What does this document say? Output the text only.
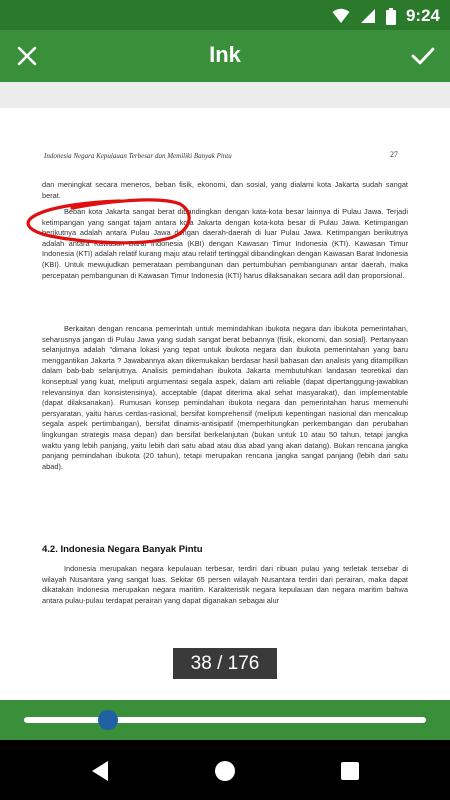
9:24
Ink
Indonesia Negara Kepulauan Terbesar dan Memiliki Banyak Pintu	27

dan meningkat secara meneros, beban fisik, ekonomi, dan sosial, yang dialami kota Jakarta sudah sangat berat.

Beban kota Jakarta sangat berat dibandingkan dengan kata-kota besar lainnya di Pulau Jawa. Terjadi ketimpangan yang sangat tajam antara kota Jakarta dengan kota-kota besar di Pulau Jawa. Ketimpangan berikutnya adalah antara Pulau Jawa dengan daerah-daerah di luar Pulau Jawa. Ketimpangan berikutnya adalah antara Kawasan Barat Indonesia (KBI) dengan Kawasan Timur Indonesia (KTI). Kawasan Timur Indonesia (KTI) adalah relatif kurang maju atau relatif tertinggal dibandingkan dengan Kawasan Barat Indonesia (KBI). Untuk mewujudkan pemerataan pembangunan dan pertumbuhan pembangunan antar daerah, maka percepatan pembangunan di Kawasan Timur Indonesia (KTI) harus dilaksanakan secara adil dan proporsional.

Berkaitan dengan rencana pemerintah untuk memindahkan ibukota negara dan ibukota pemerintahan, seharusnya jangan di Pulau Jawa yang sudah sangat berat bebannya (fisik, ekonomi, dan sosial). Pertanyaan selanjutnya adalah "dimana lokasi yang tepat untuk ibukota negara dan ibukota pemerintahan yang baru menggantikan Jakarta ? Jawabannya akan dikemukakan berdasar hasil bahasan dan analisis yang ditampilkan dalam bab-bab selanjutnya. Analisis pemindahan ibukota Jakarta membutuhkan landasan teoretikal dan konseptual yang kuat, meliputi argumentasi segala aspek, dalam arti reliable (dapat dipertanggung-jawabkan relevansinya dan konsistensinya), acceptable (dapat diterima akal sehat masyarakat), dan implementable (dapat dilaksanakan). Rumusan konsep pemindahan ibukota negara dan pemerintahan harus memenuhi persyaratan, yaitu harus cerdas-rasional, bersifat komprehensif (meliputi kepentingan nasional dan mencakup segala aspek pertimbangan), bersifat dinamis-antisipatif (memperhitungkan perkembangan dan perubahan lingkungan strategis masa depan) dan bersifat berkelanjutan (bukan untuk 10 atau 50 tahun, tetapi jangka waktu yang lebih panjang, yaitu lebih dari satu abad atau dua abad yang akan datang). Bukan rencana jangka panjang pemindahan ibukota (20 tahun), tetapi merupakan rencana jangka sangat panjang (lebih dari satu abad).

4.2. Indonesia Negara Banyak Pintu

Indonesia merupakan negara kepulauan terbesar, terdiri dari ribuan pulau yang terletak tersebar di wilayah Nusantara yang sangat luas. Sekitar 65 persen wilayah Nusantara terdiri dari perairan, maka dapat dikatakan Indonesia merupakan negara maritim. Karakteristik negara kepulauan dan negara maritim bahwa antara pulau-pulau terdapat perairan yang dapat diganakan sebagai alur

38 / 176
